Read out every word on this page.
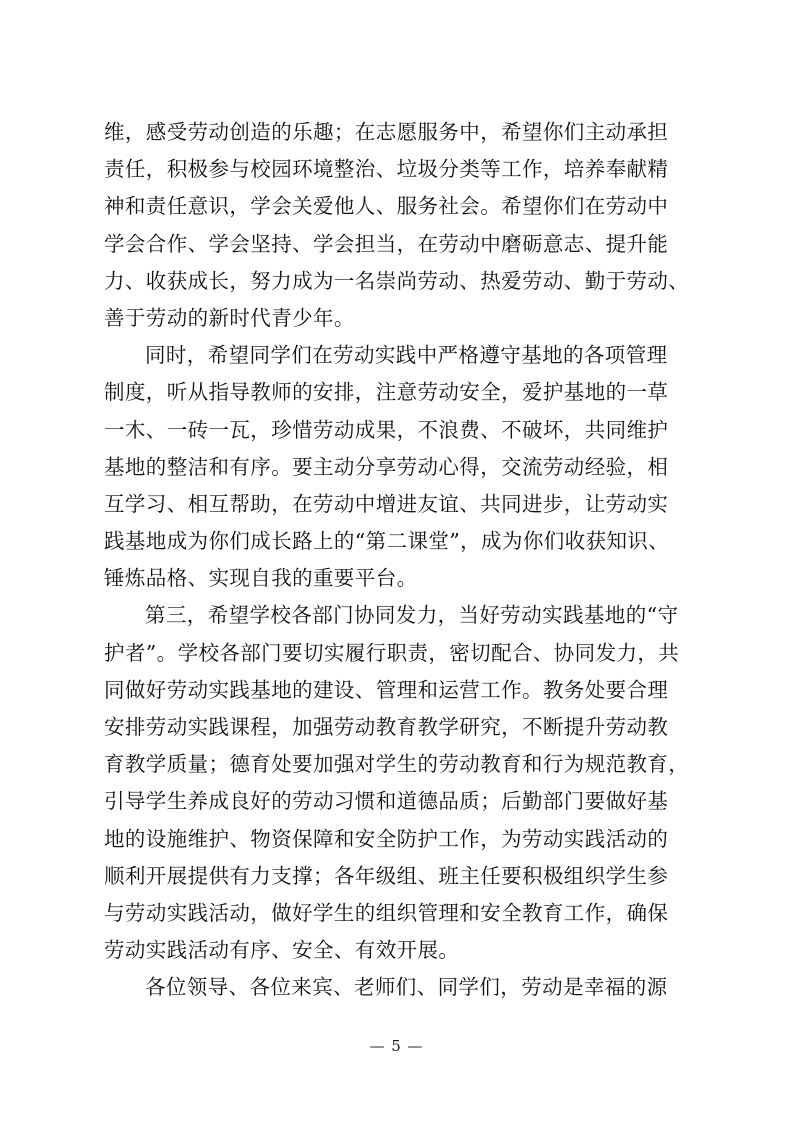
维，感受劳动创造的乐趣；在志愿服务中，希望你们主动承担
责任，积极参与校园环境整治、垃圾分类等工作，培养奉献精
神和责任意识，学会关爱他人、服务社会。希望你们在劳动中
学会合作、学会坚持、学会担当，在劳动中磨砺意志、提升能
力、收获成长，努力成为一名崇尚劳动、热爱劳动、勤于劳动、
善于劳动的新时代青少年。
同时，希望同学们在劳动实践中严格遵守基地的各项管理
制度，听从指导教师的安排，注意劳动安全，爱护基地的一草
一木、一砖一瓦，珍惜劳动成果，不浪费、不破坏，共同维护
基地的整洁和有序。要主动分享劳动心得，交流劳动经验，相
互学习、相互帮助，在劳动中增进友谊、共同进步，让劳动实
践基地成为你们成长路上的“第二课堂”，成为你们收获知识、
锤炼品格、实现自我的重要平台。
第三，希望学校各部门协同发力，当好劳动实践基地的“守
护者”。学校各部门要切实履行职责，密切配合、协同发力，共
同做好劳动实践基地的建设、管理和运营工作。教务处要合理
安排劳动实践课程，加强劳动教育教学研究，不断提升劳动教
育教学质量；德育处要加强对学生的劳动教育和行为规范教育，
引导学生养成良好的劳动习惯和道德品质；后勤部门要做好基
地的设施维护、物资保障和安全防护工作，为劳动实践活动的
顺利开展提供有力支撑；各年级组、班主任要积极组织学生参
与劳动实践活动，做好学生的组织管理和安全教育工作，确保
劳动实践活动有序、安全、有效开展。
各位领导、各位来宾、老师们、同学们，劳动是幸福的源
— 5 —
